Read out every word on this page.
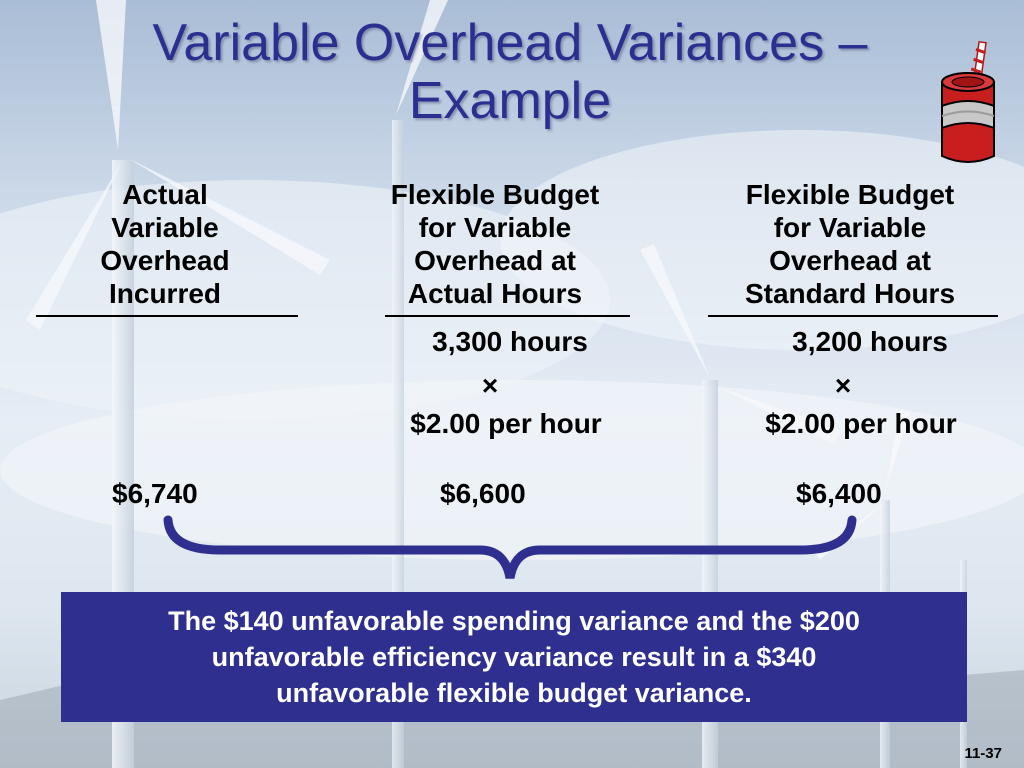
Variable Overhead Variances –
Example
Actual
Variable
Overhead
Incurred
Flexible Budget
for Variable
Overhead at
Actual Hours
Flexible Budget
for Variable
Overhead at
Standard Hours
3,300 hours
×
$2.00 per hour
3,200 hours
×
$2.00 per hour
$6,740	$6,600	$6,400
The $140 unfavorable spending variance and the $200
unfavorable efficiency variance result in a $340
unfavorable flexible budget variance.
11-37
